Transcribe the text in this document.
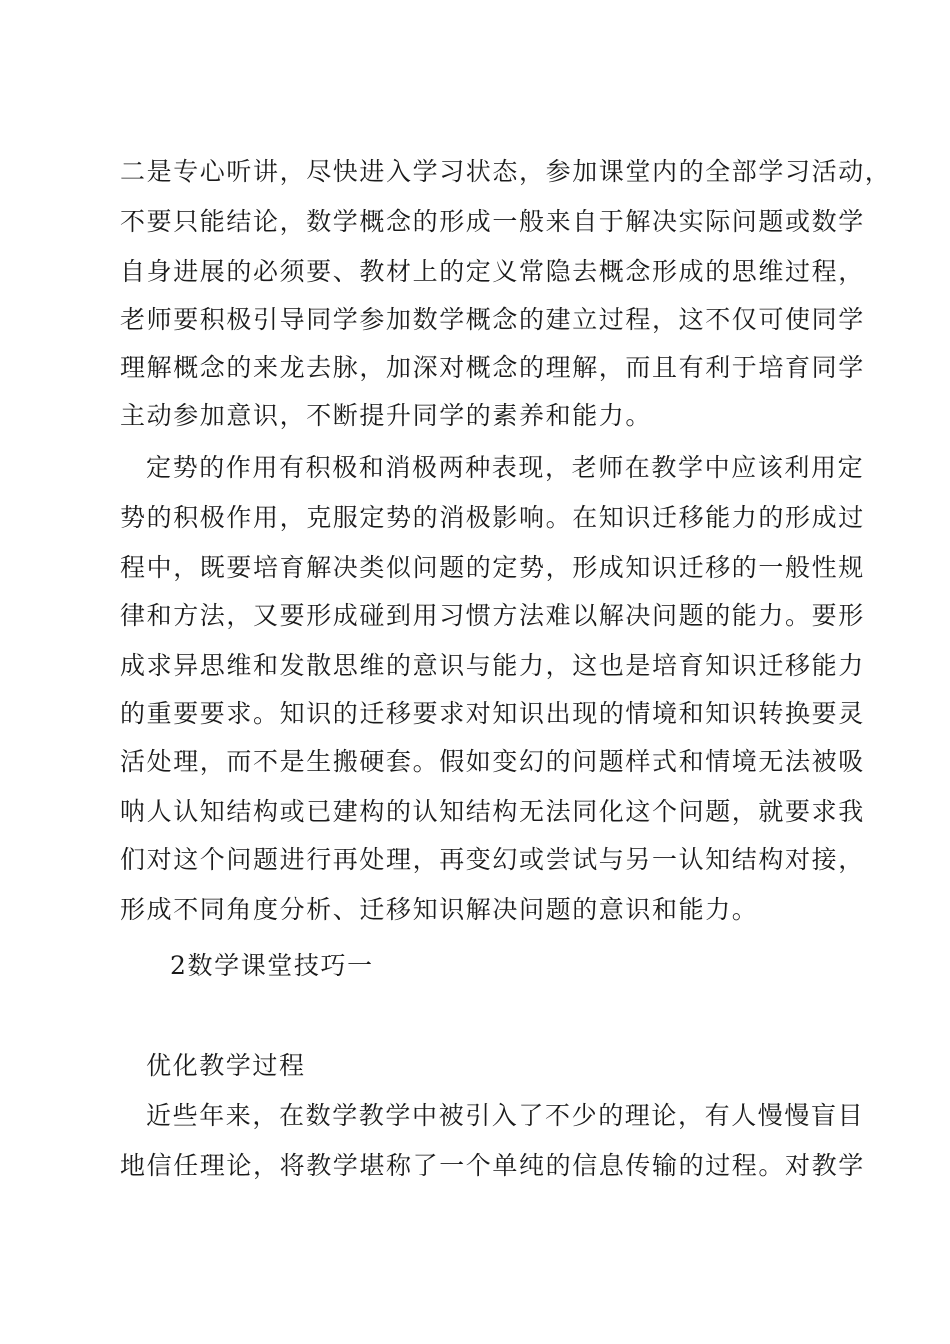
二是专心听讲，尽快进入学习状态，参加课堂内的全部学习活动，
不要只能结论，数学概念的形成一般来自于解决实际问题或数学
自身进展的必须要、教材上的定义常隐去概念形成的思维过程，
老师要积极引导同学参加数学概念的建立过程，这不仅可使同学
理解概念的来龙去脉，加深对概念的理解，而且有利于培育同学
主动参加意识，不断提升同学的素养和能力。
定势的作用有积极和消极两种表现，老师在教学中应该利用定
势的积极作用，克服定势的消极影响。在知识迁移能力的形成过
程中，既要培育解决类似问题的定势，形成知识迁移的一般性规
律和方法，又要形成碰到用习惯方法难以解决问题的能力。要形
成求异思维和发散思维的意识与能力，这也是培育知识迁移能力
的重要要求。知识的迁移要求对知识出现的情境和知识转换要灵
活处理，而不是生搬硬套。假如变幻的问题样式和情境无法被吸
呐人认知结构或已建构的认知结构无法同化这个问题，就要求我
们对这个问题进行再处理，再变幻或尝试与另一认知结构对接，
形成不同角度分析、迁移知识解决问题的意识和能力。
2数学课堂技巧一
优化教学过程
近些年来，在数学教学中被引入了不少的理论，有人慢慢盲目
地信任理论，将教学堪称了一个单纯的信息传输的过程。对教学
